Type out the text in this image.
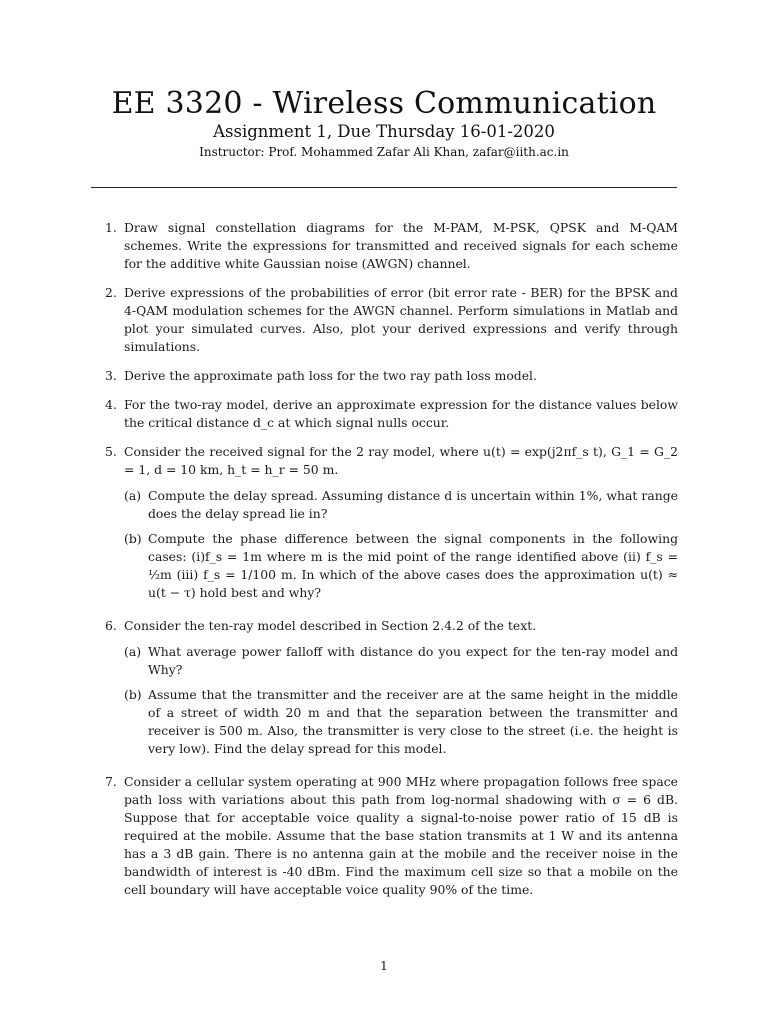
EE 3320 - Wireless Communication
Assignment 1, Due Thursday 16-01-2020
Instructor: Prof. Mohammed Zafar Ali Khan, zafar@iith.ac.in
1. Draw signal constellation diagrams for the M-PAM, M-PSK, QPSK and M-QAM schemes. Write the expressions for transmitted and received signals for each scheme for the additive white Gaussian noise (AWGN) channel.
2. Derive expressions of the probabilities of error (bit error rate - BER) for the BPSK and 4-QAM modulation schemes for the AWGN channel. Perform simulations in Matlab and plot your simulated curves. Also, plot your derived expressions and verify through simulations.
3. Derive the approximate path loss for the two ray path loss model.
4. For the two-ray model, derive an approximate expression for the distance values below the critical distance d_c at which signal nulls occur.
5. Consider the received signal for the 2 ray model, where u(t) = exp(j2πf_s t), G_1 = G_2 = 1, d = 10 km, h_t = h_r = 50 m.
(a) Compute the delay spread. Assuming distance d is uncertain within 1%, what range does the delay spread lie in?
(b) Compute the phase difference between the signal components in the following cases: (i)f_s = 1m where m is the mid point of the range identified above (ii) f_s = ½m (iii) f_s = 1/100 m. In which of the above cases does the approximation u(t) ≈ u(t − τ) hold best and why?
6. Consider the ten-ray model described in Section 2.4.2 of the text.
(a) What average power falloff with distance do you expect for the ten-ray model and Why?
(b) Assume that the transmitter and the receiver are at the same height in the middle of a street of width 20 m and that the separation between the transmitter and receiver is 500 m. Also, the transmitter is very close to the street (i.e. the height is very low). Find the delay spread for this model.
7. Consider a cellular system operating at 900 MHz where propagation follows free space path loss with variations about this path from log-normal shadowing with σ = 6 dB. Suppose that for acceptable voice quality a signal-to-noise power ratio of 15 dB is required at the mobile. Assume that the base station transmits at 1 W and its antenna has a 3 dB gain. There is no antenna gain at the mobile and the receiver noise in the bandwidth of interest is -40 dBm. Find the maximum cell size so that a mobile on the cell boundary will have acceptable voice quality 90% of the time.
1
